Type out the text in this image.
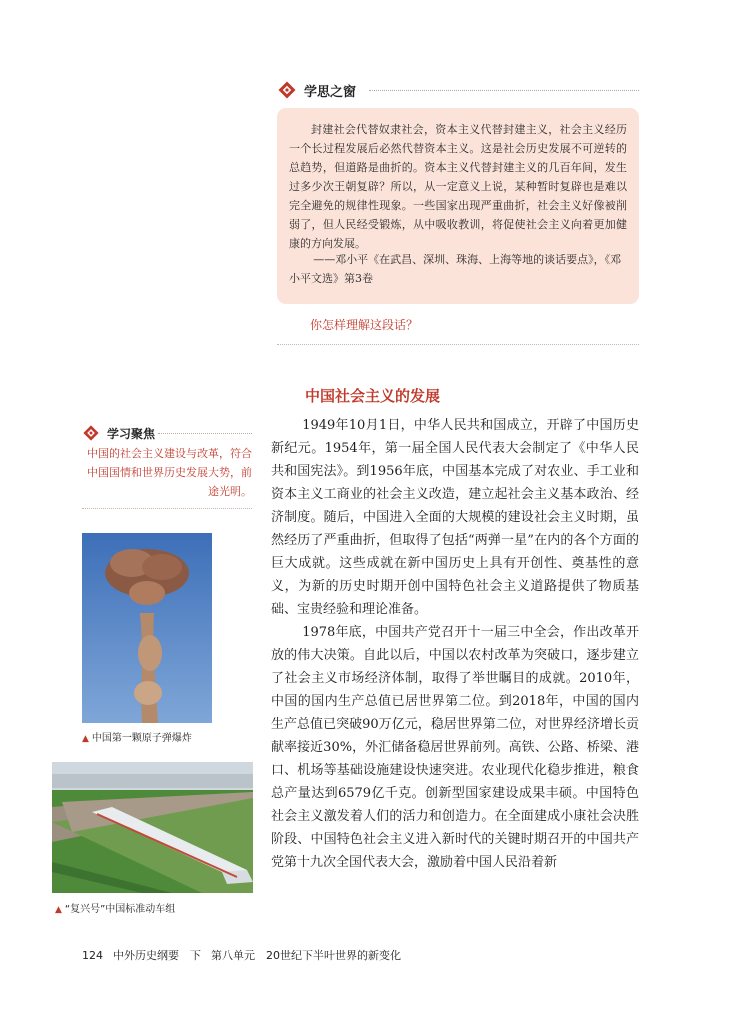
学思之窗

封建社会代替奴隶社会，资本主义代替封建主义，社会主义经历一个长过程发展后必然代替资本主义。这是社会历史发展不可逆转的总趋势，但道路是曲折的。资本主义代替封建主义的几百年间，发生过多少次王朝复辟？所以，从一定意义上说，某种暂时复辟也是难以完全避免的规律性现象。一些国家出现严重曲折，社会主义好像被削弱了，但人民经受锻炼，从中吸收教训，将促使社会主义向着更加健康的方向发展。

——邓小平《在武昌、深圳、珠海、上海等地的谈话要点》，《邓小平文选》第3卷
你怎样理解这段话？
中国社会主义的发展
学习聚焦
中国的社会主义建设与改革，符合中国国情和世界历史发展大势，前途光明。
▲ 中国第一颗原子弹爆炸
▲ “复兴号”中国标准动车组

1949年10月1日，中华人民共和国成立，开辟了中国历史新纪元。1954年，第一届全国人民代表大会制定了《中华人民共和国宪法》。到1956年底，中国基本完成了对农业、手工业和资本主义工商业的社会主义改造，建立起社会主义基本政治、经济制度。随后，中国进入全面的大规模的建设社会主义时期，虽然经历了严重曲折，但取得了包括“两弹一星”在内的各个方面的巨大成就。这些成就在新中国历史上具有开创性、奠基性的意义，为新的历史时期开创中国特色社会主义道路提供了物质基础、宝贵经验和理论准备。

1978年底，中国共产党召开十一届三中全会，作出改革开放的伟大决策。自此以后，中国以农村改革为突破口，逐步建立了社会主义市场经济体制，取得了举世瞩目的成就。2010年，中国的国内生产总值已居世界第二位。到2018年，中国的国内生产总值已突破90万亿元，稳居世界第二位，对世界经济增长贡献率接近30%，外汇储备稳居世界前列。高铁、公路、桥梁、港口、机场等基础设施建设快速突进。农业现代化稳步推进，粮食总产量达到6579亿千克。创新型国家建设成果丰硕。中国特色社会主义激发着人们的活力和创造力。在全面建成小康社会决胜阶段、中国特色社会主义进入新时代的关键时期召开的中国共产党第十九次全国代表大会，激励着中国人民沿着新

124 中外历史纲要　下 第八单元　20世纪下半叶世界的新变化
